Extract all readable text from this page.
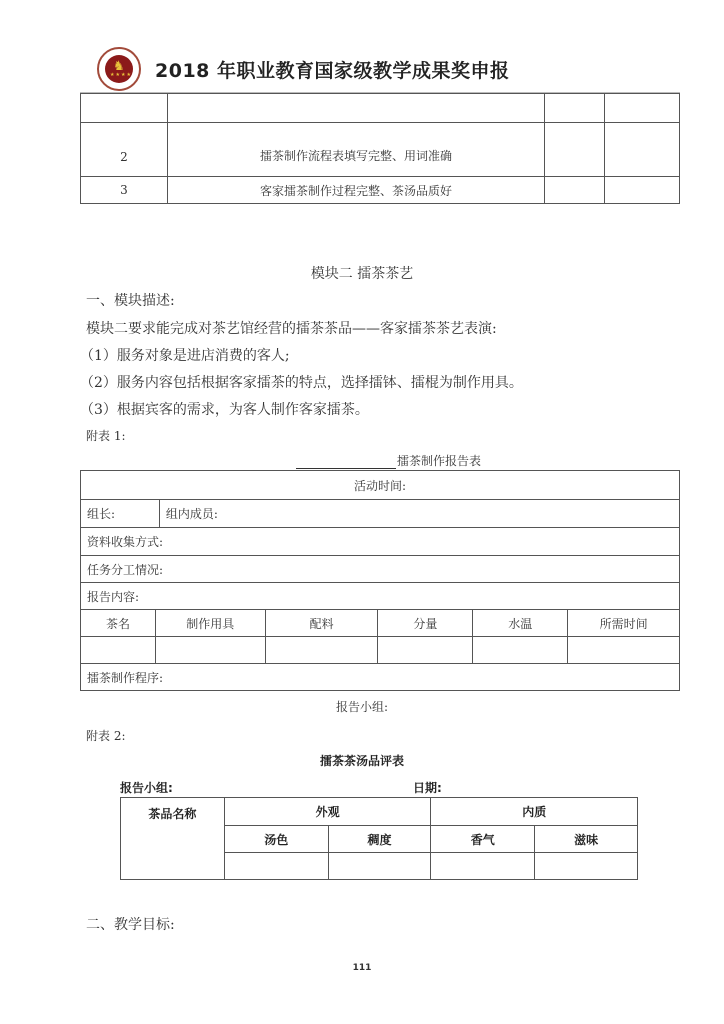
♞
★★★★ 2018 年职业教育国家级教学成果奖申报

2	擂茶制作流程表填写完整、用词准确		
3	客家擂茶制作过程完整、茶汤品质好		
模块二 擂茶茶艺
一、模块描述:
模块二要求能完成对茶艺馆经营的擂茶茶品——客家擂茶茶艺表演:
（1）服务对象是进店消费的客人;
（2）服务内容包括根据客家擂茶的特点，选择擂钵、擂棍为制作用具。
（3）根据宾客的需求，为客人制作客家擂茶。
附表 1:
擂茶制作报告表
活动时间:						
组长:		组内成员:				
资料收集方式:						
任务分工情况:						
报告内容:						
茶名	制作用具		配料	分量	水温	所需时间

擂茶制作程序:						
报告小组:
附表 2:
擂茶茶汤品评表
报告小组:	日期:
茶品名称	外观		内质	
	汤色	稠度	香气	滋味

二、教学目标:
111
